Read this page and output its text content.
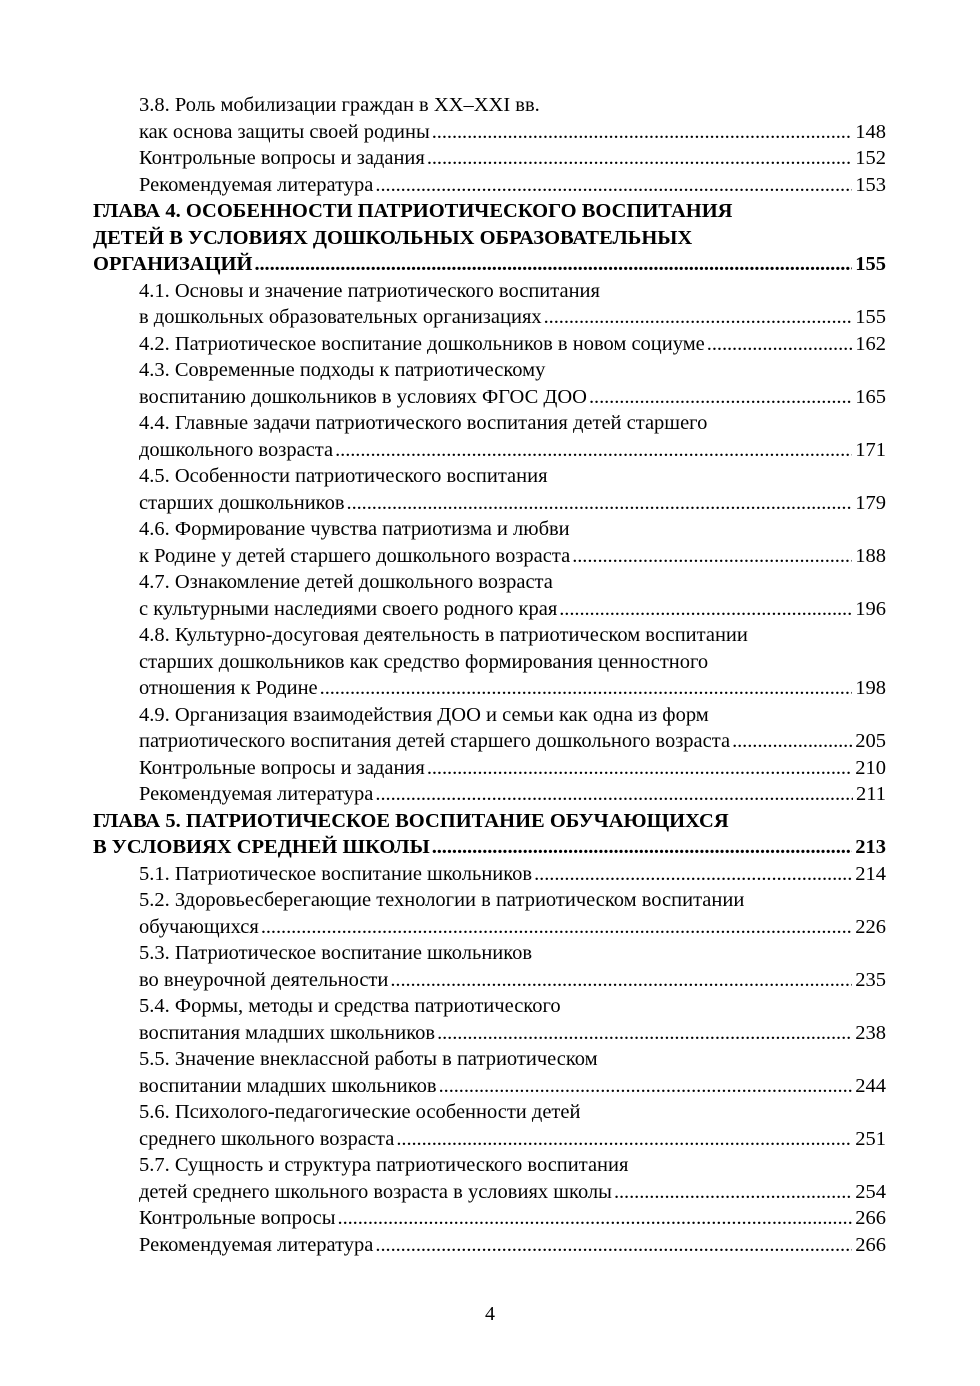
3.8. Роль мобилизации граждан в XX–XXI вв.
как основа защиты своей родины . . .	148
Контрольные вопросы и задания . . .	152
Рекомендуемая литература . . .	153
ГЛАВА 4. ОСОБЕННОСТИ ПАТРИОТИЧЕСКОГО ВОСПИТАНИЯ
ДЕТЕЙ В УСЛОВИЯХ ДОШКОЛЬНЫХ ОБРАЗОВАТЕЛЬНЫХ
ОРГАНИЗАЦИЙ . . .	155
4.1. Основы и значение патриотического воспитания
в дошкольных образовательных организациях . . .	155
4.2. Патриотическое воспитание дошкольников в новом социуме . . .	162
4.3. Современные подходы к патриотическому
воспитанию дошкольников в условиях ФГОС ДОО . . .	165
4.4. Главные задачи патриотического воспитания детей старшего
дошкольного возраста . . .	171
4.5. Особенности патриотического воспитания
старших дошкольников . . .	179
4.6. Формирование чувства патриотизма и любви
к Родине у детей старшего дошкольного возраста . . .	188
4.7. Ознакомление детей дошкольного возраста
с культурными наследиями своего родного края . . .	196
4.8. Культурно-досуговая деятельность в патриотическом воспитании
старших дошкольников как средство формирования ценностного
отношения к Родине . . .	198
4.9. Организация взаимодействия ДОО и семьи как одна из форм
патриотического воспитания детей старшего дошкольного возраста . . .	205
Контрольные вопросы и задания . . .	210
Рекомендуемая литература . . .	211
ГЛАВА 5. ПАТРИОТИЧЕСКОЕ ВОСПИТАНИЕ ОБУЧАЮЩИХСЯ
В УСЛОВИЯХ СРЕДНЕЙ ШКОЛЫ . . .	213
5.1. Патриотическое воспитание школьников . . .	214
5.2. Здоровьесберегающие технологии в патриотическом воспитании
обучающихся . . .	226
5.3. Патриотическое воспитание школьников
во внеурочной деятельности . . .	235
5.4. Формы, методы и средства патриотического
воспитания младших школьников . . .	238
5.5. Значение внеклассной работы в патриотическом
воспитании младших школьников . . .	244
5.6. Психолого-педагогические особенности детей
среднего школьного возраста . . .	251
5.7. Сущность и структура патриотического воспитания
детей среднего школьного возраста в условиях школы . . .	254
Контрольные вопросы . . .	266
Рекомендуемая литература . . .	266
4
